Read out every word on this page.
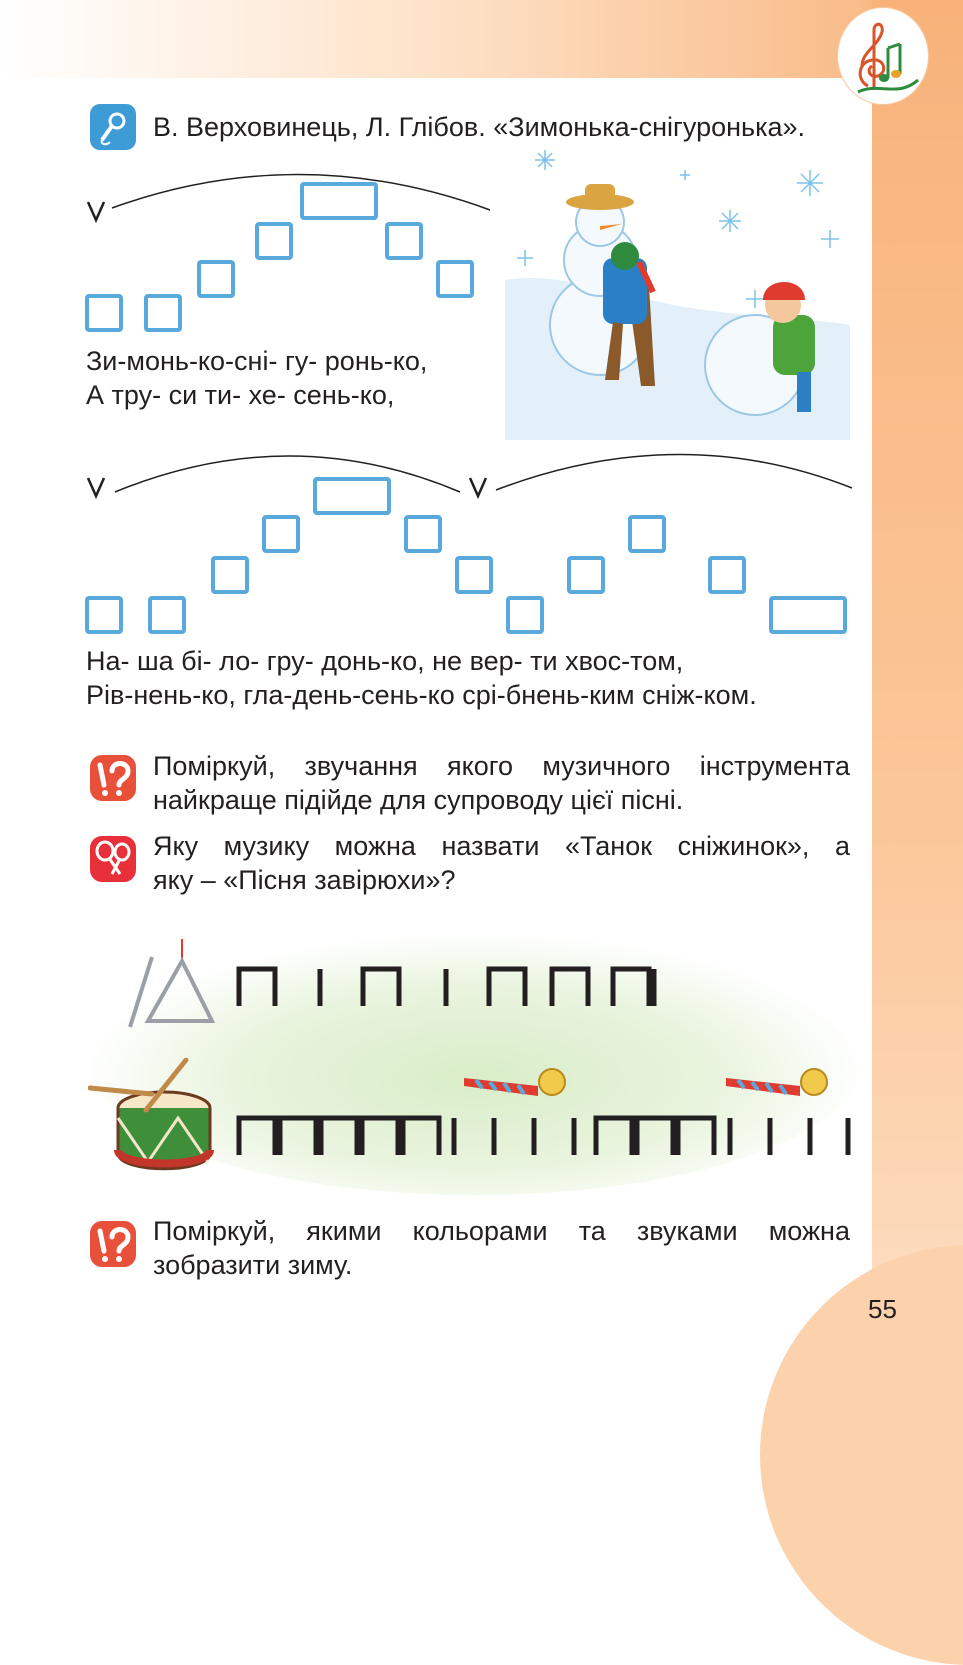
В. Верховинець, Л. Глібов. «Зимонька-снігуронька».
Зи-монь-ко-сні- гу- ронь-ко,
А тру- си ти- хе- сень-ко,
На- ша бі- ло- гру- донь-ко, не вер- ти хвос-том,
Рів-нень-ко, гла-день-сень-ко срі-бнень-ким сніж-ком.
Поміркуй, звучання якого музичного інструмента
найкраще підійде для супроводу цієї пісні.
Яку музику можна назвати «Танок сніжинок», а
яку – «Пісня завірюхи»?
Поміркуй, якими кольорами та звуками можна
зобразити зиму.
55
